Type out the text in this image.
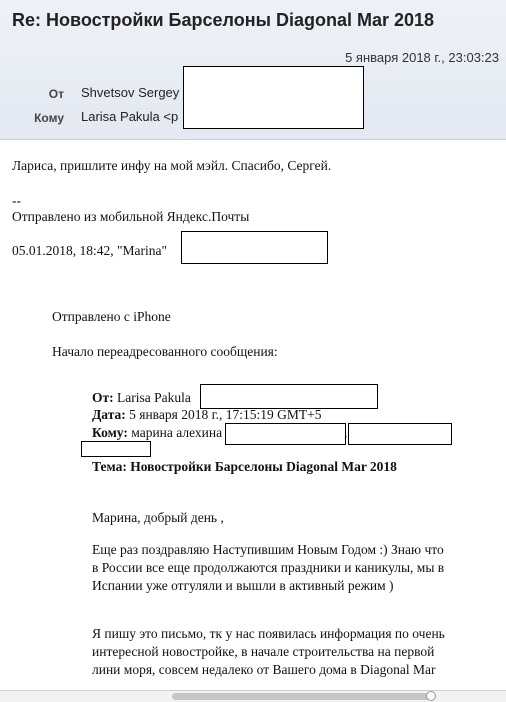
Re: Новостройки Барселоны Diagonal Mar 2018
5 января 2018 г., 23:03:23
От Shvetsov Sergey
Кому Larisa Pakula <p
Лариса, пришлите инфу на мой мэйл. Спасибо, Сергей.
--
Отправлено из мобильной Яндекс.Почты
05.01.2018, 18:42, "Marina"
Отправлено с iPhone
Начало переадресованного сообщения:
От: Larisa Pakula
Дата: 5 января 2018 г., 17:15:19 GMT+5
Кому: марина алехина	,
Тема: Новостройки Барселоны Diagonal Mar 2018
Марина, добрый день ,
Еще раз поздравляю Наступившим Новым Годом :) Знаю что в России все еще продолжаются праздники и каникулы, мы в Испании уже отгуляли и вышли в активный режим )
Я пишу это письмо, тк у нас появилась информация по очень интересной новостройке, в начале строительства на первой лини моря, совсем недалеко от Вашего дома в Diagonal Mar
